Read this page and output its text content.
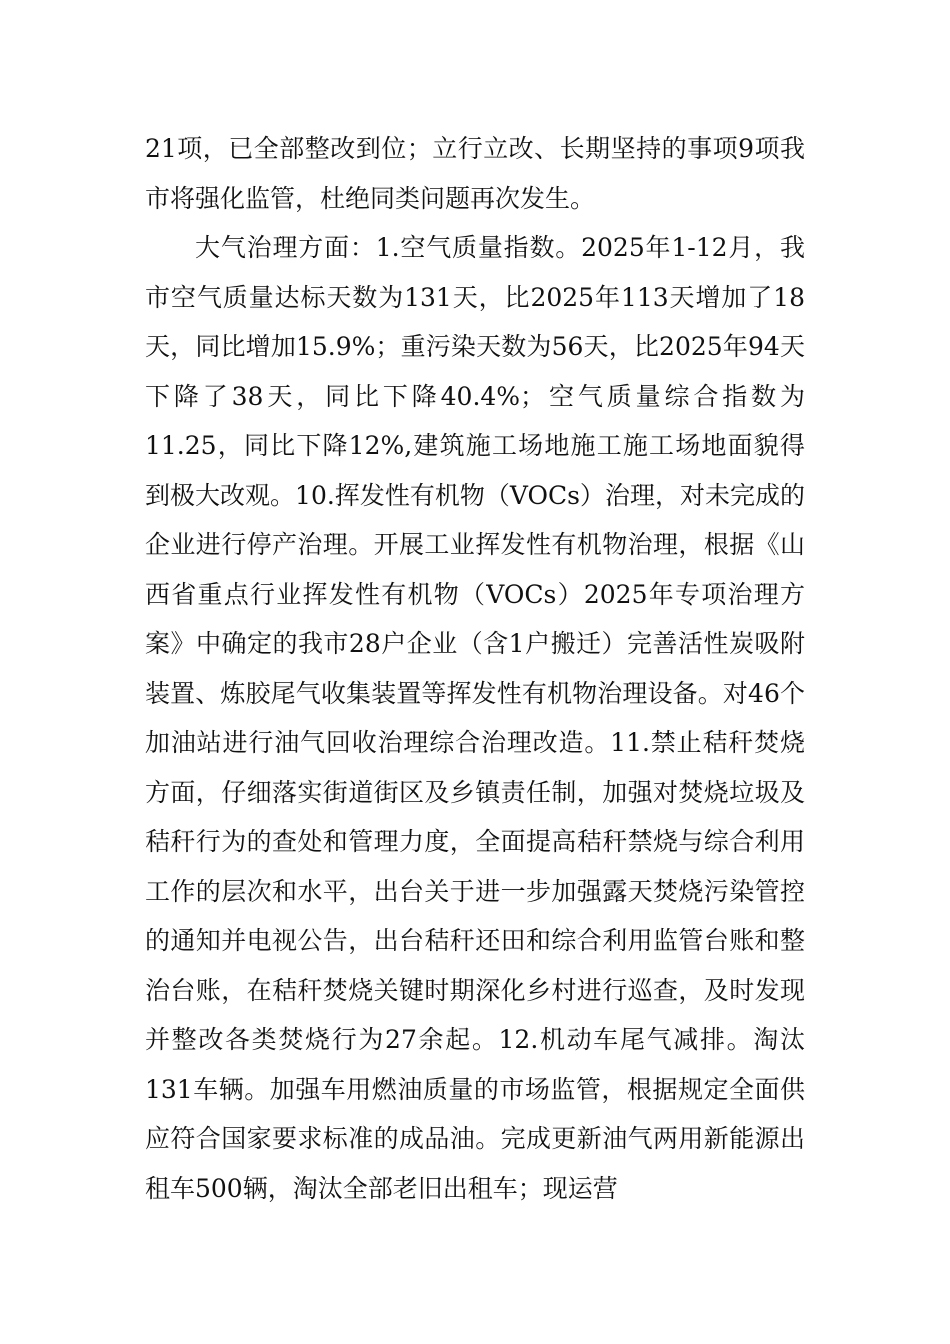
21项，已全部整改到位；立行立改、长期坚持的事项9项我市将强化监管，杜绝同类问题再次发生。

大气治理方面：1.空气质量指数。2025年1-12月，我市空气质量达标天数为131天，比2025年113天增加了18天，同比增加15.9%；重污染天数为56天，比2025年94天下降了38天，同比下降40.4%；空气质量综合指数为11.25，同比下降12%,建筑施工场地施工施工场地面貌得到极大改观。10.挥发性有机物（VOCs）治理，对未完成的企业进行停产治理。开展工业挥发性有机物治理，根据《山西省重点行业挥发性有机物（VOCs）2025年专项治理方案》中确定的我市28户企业（含1户搬迁）完善活性炭吸附装置、炼胶尾气收集装置等挥发性有机物治理设备。对46个加油站进行油气回收治理综合治理改造。11.禁止秸秆焚烧方面，仔细落实街道街区及乡镇责任制，加强对焚烧垃圾及秸秆行为的查处和管理力度，全面提高秸秆禁烧与综合利用工作的层次和水平，出台关于进一步加强露天焚烧污染管控的通知并电视公告，出台秸秆还田和综合利用监管台账和整治台账，在秸秆焚烧关键时期深化乡村进行巡查，及时发现并整改各类焚烧行为27余起。12.机动车尾气减排。淘汰131车辆。加强车用燃油质量的市场监管，根据规定全面供应符合国家要求标准的成品油。完成更新油气两用新能源出租车500辆，淘汰全部老旧出租车；现运营
